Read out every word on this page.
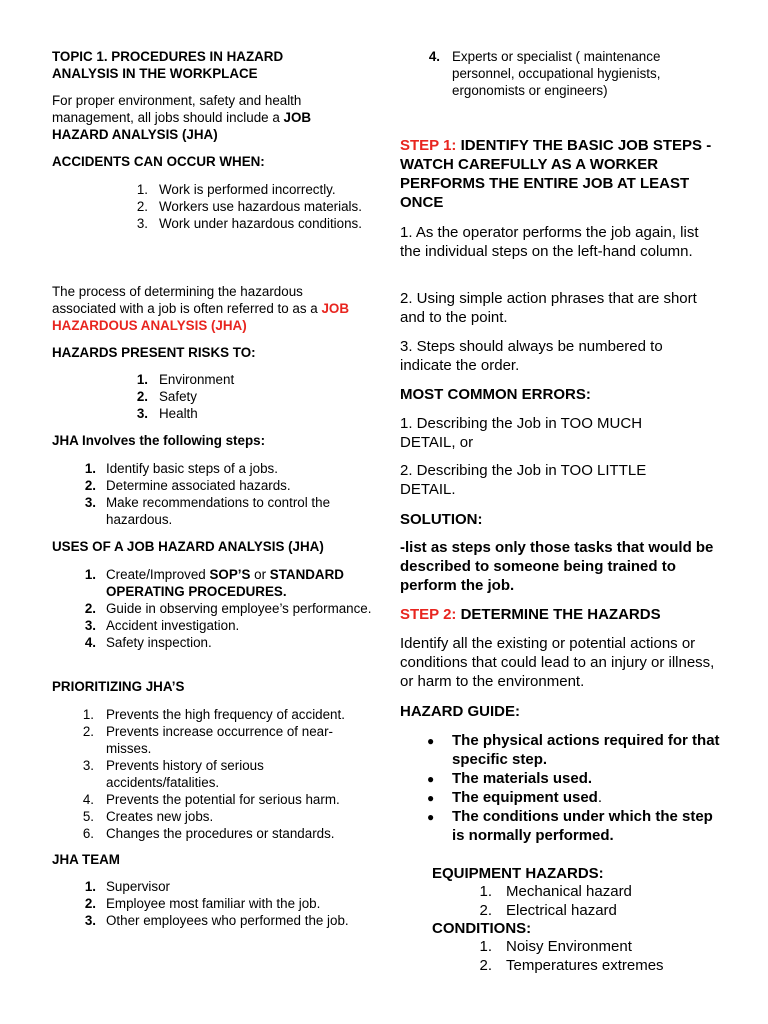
TOPIC 1. PROCEDURES IN HAZARD ANALYSIS IN THE WORKPLACE

For proper environment, safety and health management, all jobs should include a JOB HAZARD ANALYSIS (JHA)

ACCIDENTS CAN OCCUR WHEN:

1. Work is performed incorrectly.
2. Workers use hazardous materials.
3. Work under hazardous conditions.

The process of determining the hazardous associated with a job is often referred to as a JOB HAZARDOUS ANALYSIS (JHA)

HAZARDS PRESENT RISKS TO:

1. Environment
2. Safety
3. Health

JHA Involves the following steps:

1. Identify basic steps of a jobs.
2. Determine associated hazards.
3. Make recommendations to control the hazardous.

USES OF A JOB HAZARD ANALYSIS (JHA)

1. Create/Improved SOP’S or STANDARD OPERATING PROCEDURES.
2. Guide in observing employee’s performance.
3. Accident investigation.
4. Safety inspection.

PRIORITIZING JHA’S

1. Prevents the high frequency of accident.
2. Prevents increase occurrence of near-misses.
3. Prevents history of serious accidents/fatalities.
4. Prevents the potential for serious harm.
5. Creates new jobs.
6. Changes the procedures or standards.

JHA TEAM

1. Supervisor
2. Employee most familiar with the job.
3. Other employees who performed the job.
4. Experts or specialist ( maintenance personnel, occupational hygienists, ergonomists or engineers)

STEP 1: IDENTIFY THE BASIC JOB STEPS - WATCH CAREFULLY AS A WORKER PERFORMS THE ENTIRE JOB AT LEAST ONCE

1. As the operator performs the job again, list the individual steps on the left-hand column.

2. Using simple action phrases that are short and to the point.

3. Steps should always be numbered to indicate the order.

MOST COMMON ERRORS:

1. Describing the Job in TOO MUCH DETAIL, or

2. Describing the Job in TOO LITTLE DETAIL.

SOLUTION:

-list as steps only those tasks that would be described to someone being trained to perform the job.

STEP 2: DETERMINE THE HAZARDS

Identify all the existing or potential actions or conditions that could lead to an injury or illness, or harm to the environment.

HAZARD GUIDE:

● The physical actions required for that specific step.
● The materials used.
● The equipment used.
● The conditions under which the step is normally performed.

EQUIPMENT HAZARDS:

1. Mechanical hazard
2. Electrical hazard

CONDITIONS:

1. Noisy Environment
2. Temperatures extremes
